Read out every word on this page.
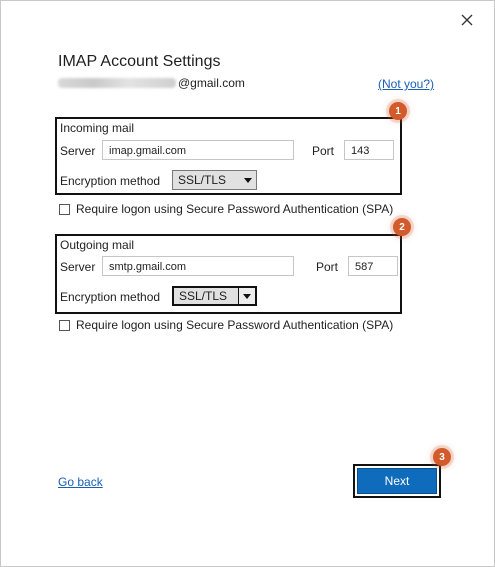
IMAP Account Settings
@gmail.com	(Not you?)
Incoming mail
Server	imap.gmail.com	Port	143
Encryption method SSL/TLS
1
Require logon using Secure Password Authentication (SPA)
Outgoing mail
Server	smtp.gmail.com	Port	587
Encryption method SSL/TLS
2
Require logon using Secure Password Authentication (SPA)
Go back	Next
3
